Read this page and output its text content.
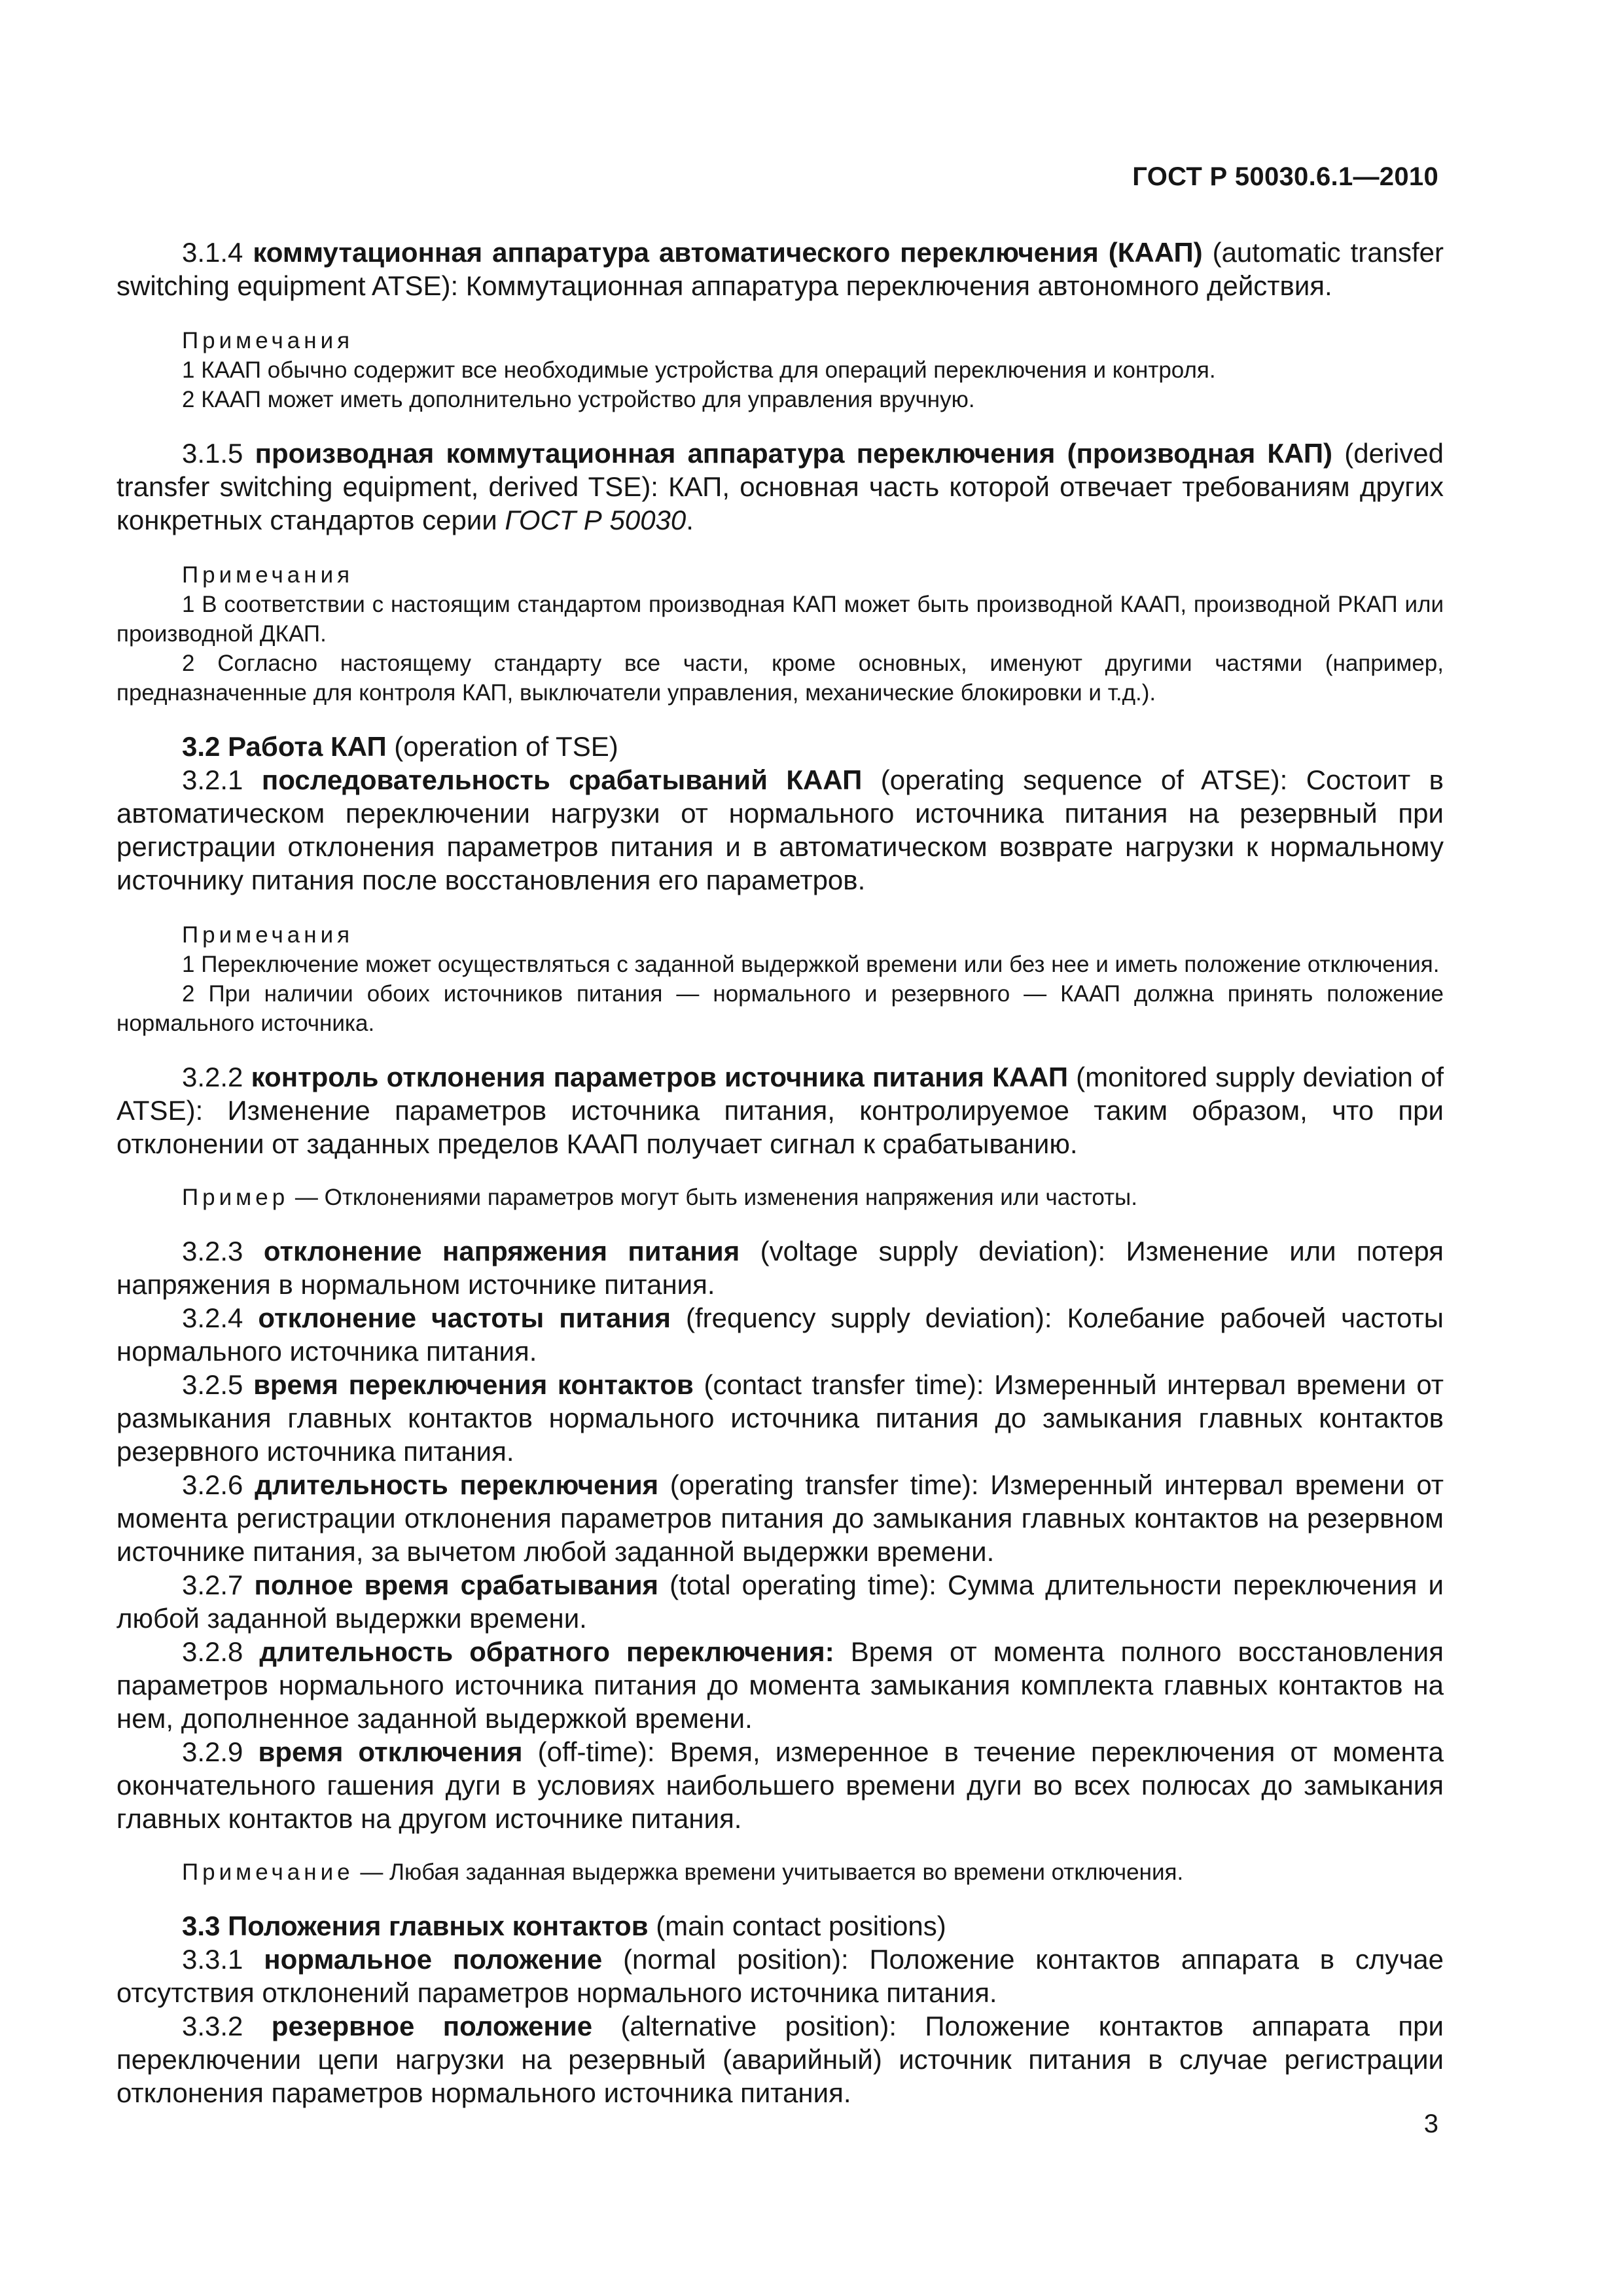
ГОСТ Р 50030.6.1—2010

3.1.4 коммутационная аппаратура автоматического переключения (КААП) (automatic transfer switching equipment ATSE): Коммутационная аппаратура переключения автономного действия.

Примечания

1 КААП обычно содержит все необходимые устройства для операций переключения и контроля.

2 КААП может иметь дополнительно устройство для управления вручную.

3.1.5 производная коммутационная аппаратура переключения (производная КАП) (derived transfer switching equipment, derived TSE): КАП, основная часть которой отвечает требованиям других конкретных стандартов серии ГОСТ Р 50030.

Примечания

1 В соответствии с настоящим стандартом производная КАП может быть производной КААП, производной РКАП или производной ДКАП.

2 Согласно настоящему стандарту все части, кроме основных, именуют другими частями (например, предназначенные для контроля КАП, выключатели управления, механические блокировки и т.д.).

3.2 Работа КАП (operation of TSE)

3.2.1 последовательность срабатываний КААП (operating sequence of ATSE): Состоит в автоматическом переключении нагрузки от нормального источника питания на резервный при регистрации отклонения параметров питания и в автоматическом возврате нагрузки к нормальному источнику питания после восстановления его параметров.

Примечания

1 Переключение может осуществляться с заданной выдержкой времени или без нее и иметь положение отключения.

2 При наличии обоих источников питания — нормального и резервного — КААП должна принять положение нормального источника.

3.2.2 контроль отклонения параметров источника питания КААП (monitored supply deviation of ATSE): Изменение параметров источника питания, контролируемое таким образом, что при отклонении от заданных пределов КААП получает сигнал к срабатыванию.

Пример — Отклонениями параметров могут быть изменения напряжения или частоты.

3.2.3 отклонение напряжения питания (voltage supply deviation): Изменение или потеря напряжения в нормальном источнике питания.

3.2.4 отклонение частоты питания (frequency supply deviation): Колебание рабочей частоты нормального источника питания.

3.2.5 время переключения контактов (contact transfer time): Измеренный интервал времени от размыкания главных контактов нормального источника питания до замыкания главных контактов резервного источника питания.

3.2.6 длительность переключения (operating transfer time): Измеренный интервал времени от момента регистрации отклонения параметров питания до замыкания главных контактов на резервном источнике питания, за вычетом любой заданной выдержки времени.

3.2.7 полное время срабатывания (total operating time): Сумма длительности переключения и любой заданной выдержки времени.

3.2.8 длительность обратного переключения: Время от момента полного восстановления параметров нормального источника питания до момента замыкания комплекта главных контактов на нем, дополненное заданной выдержкой времени.

3.2.9 время отключения (off-time): Время, измеренное в течение переключения от момента окончательного гашения дуги в условиях наибольшего времени дуги во всех полюсах до замыкания главных контактов на другом источнике питания.

Примечание — Любая заданная выдержка времени учитывается во времени отключения.

3.3 Положения главных контактов (main contact positions)

3.3.1 нормальное положение (normal position): Положение контактов аппарата в случае отсутствия отклонений параметров нормального источника питания.

3.3.2 резервное положение (alternative position): Положение контактов аппарата при переключении цепи нагрузки на резервный (аварийный) источник питания в случае регистрации отклонения параметров нормального источника питания.

3
